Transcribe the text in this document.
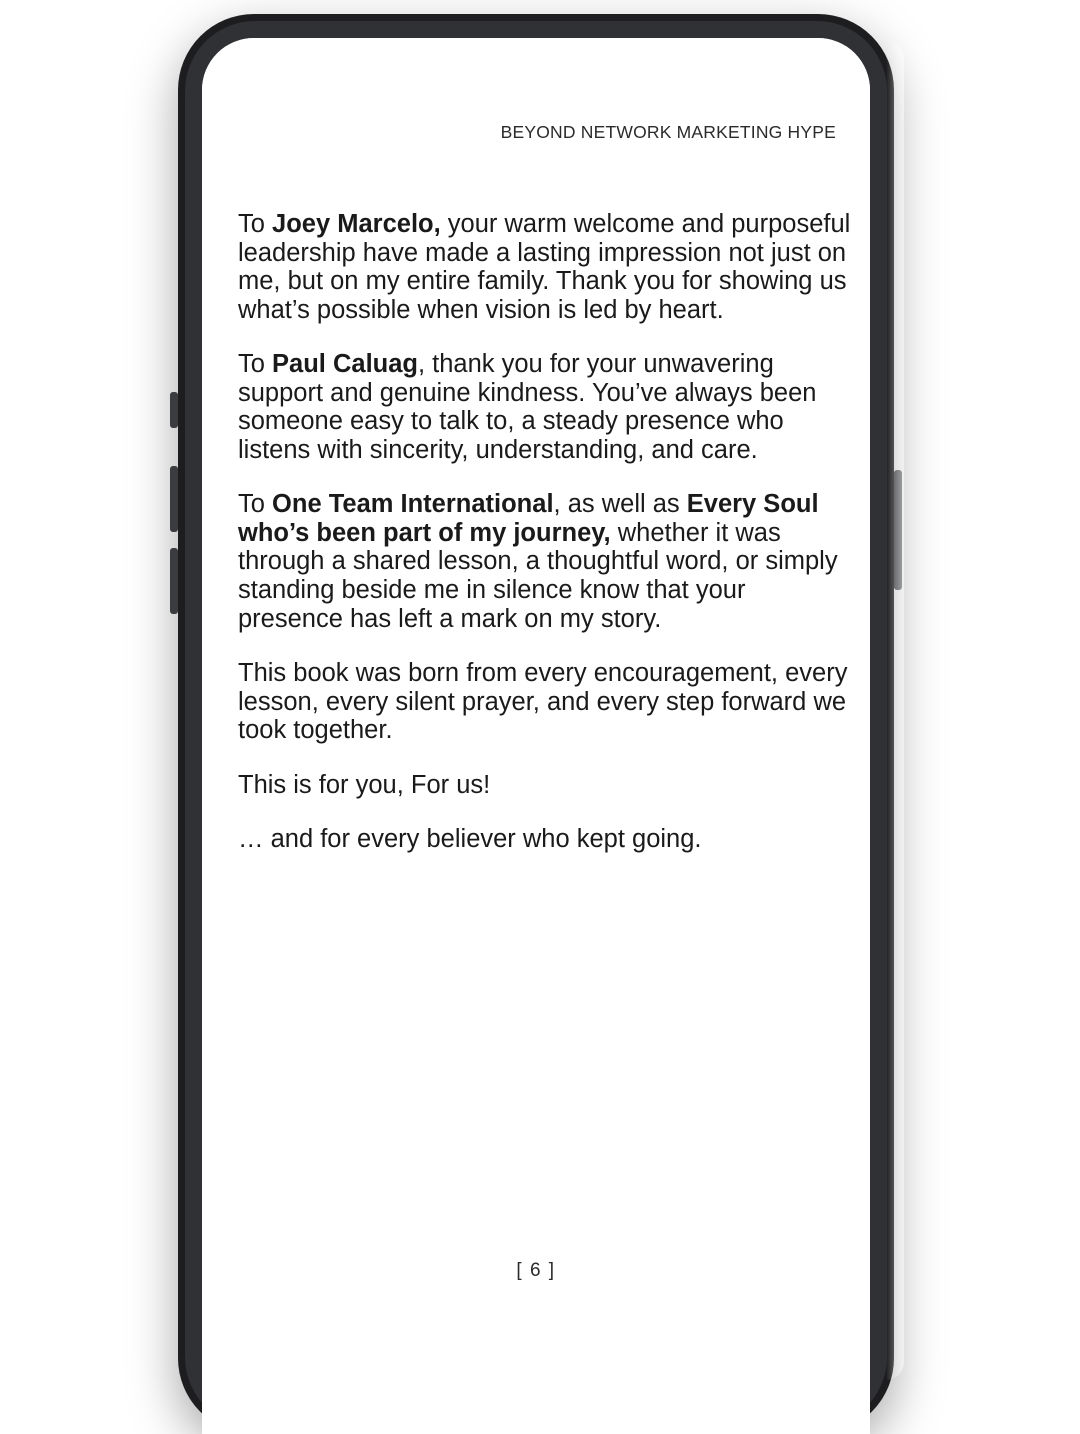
BEYOND NETWORK MARKETING HYPE

To Joey Marcelo, your warm welcome and purposeful leadership have made a lasting impression not just on me, but on my entire family. Thank you for showing us what’s possible when vision is led by heart.

To Paul Caluag, thank you for your unwavering support and genuine kindness. You’ve always been someone easy to talk to, a steady presence who listens with sincerity, understanding, and care.

To One Team International, as well as Every Soul who’s been part of my journey, whether it was through a shared lesson, a thoughtful word, or simply standing beside me in silence know that your presence has left a mark on my story.

This book was born from every encouragement, every lesson, every silent prayer, and every step forward we took together.

This is for you, For us!

… and for every believer who kept going.

[ 6 ]
